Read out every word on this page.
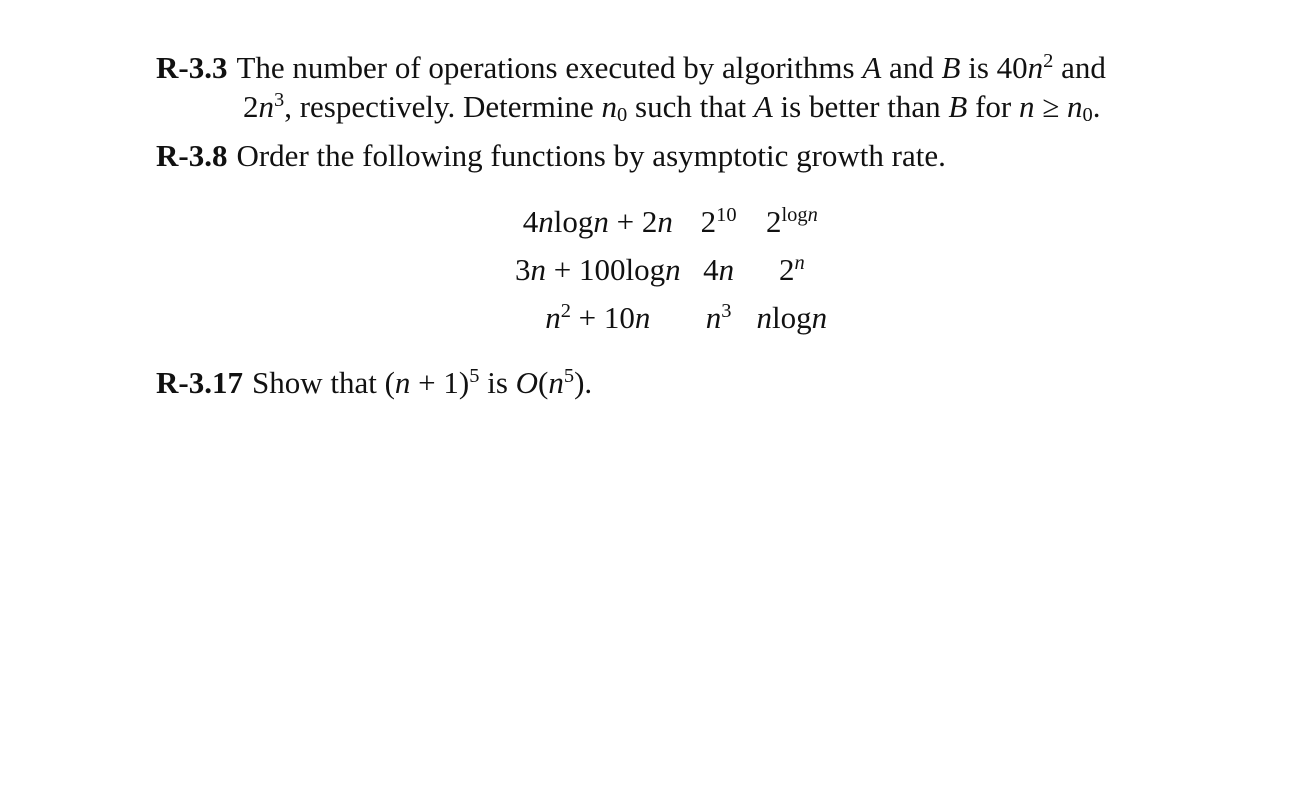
R-3.3 The number of operations executed by algorithms A and B is $40n^2$ and
$2n^3$, respectively. Determine $n_0$ such that A is better than B for $n \ge n_0$.
R-3.8 Order the following functions by asymptotic growth rate.
4nlogn + 2n	$2^{10}$	$2^{logn}$
3n + 100logn	4n	2$^n$
$n^2 + 10n$	$n^3$	nlogn
R-3.17 Show that $(n + 1)^5$ is $O(n^5)$.
